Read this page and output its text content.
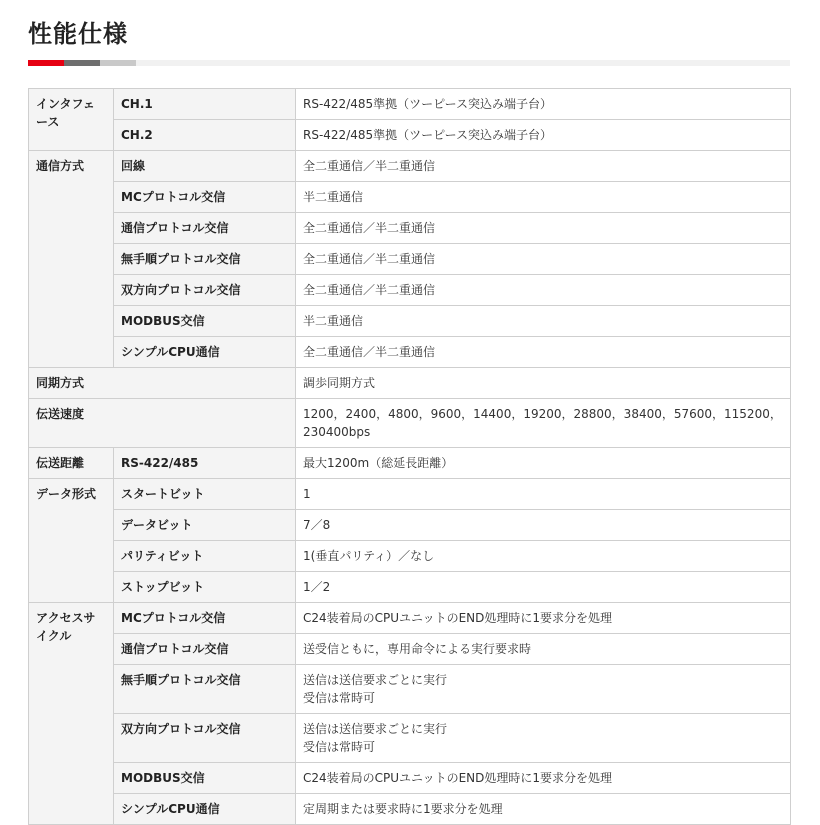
性能仕様
インタフェース	CH.1	RS-422/485準拠（ツーピース突込み端子台）

	CH.2	RS-422/485準拠（ツーピース突込み端子台）

通信方式	回線	全二重通信／半二重通信

	MCプロトコル交信	半二重通信

	通信プロトコル交信	全二重通信／半二重通信

	無手順プロトコル交信	全二重通信／半二重通信

	双方向プロトコル交信	全二重通信／半二重通信

	MODBUS交信	半二重通信

	シンプルCPU通信	全二重通信／半二重通信

同期方式		調歩同期方式

伝送速度		1200，2400，4800，9600，14400，19200，28800，38400，57600，115200，
230400bps

伝送距離	RS-422/485	最大1200m（総延長距離）

データ形式	スタートビット	1

	データビット	7／8

	パリティビット	1(垂直パリティ）／なし

	ストップビット	1／2

アクセスサイクル	MCプロトコル交信	C24装着局のCPUユニットのEND処理時に1要求分を処理

	通信プロトコル交信	送受信ともに，専用命令による実行要求時

	無手順プロトコル交信	送信は送信要求ごとに実行
受信は常時可

	双方向プロトコル交信	送信は送信要求ごとに実行
受信は常時可

	MODBUS交信	C24装着局のCPUユニットのEND処理時に1要求分を処理

	シンプルCPU通信	定周期または要求時に1要求分を処理
